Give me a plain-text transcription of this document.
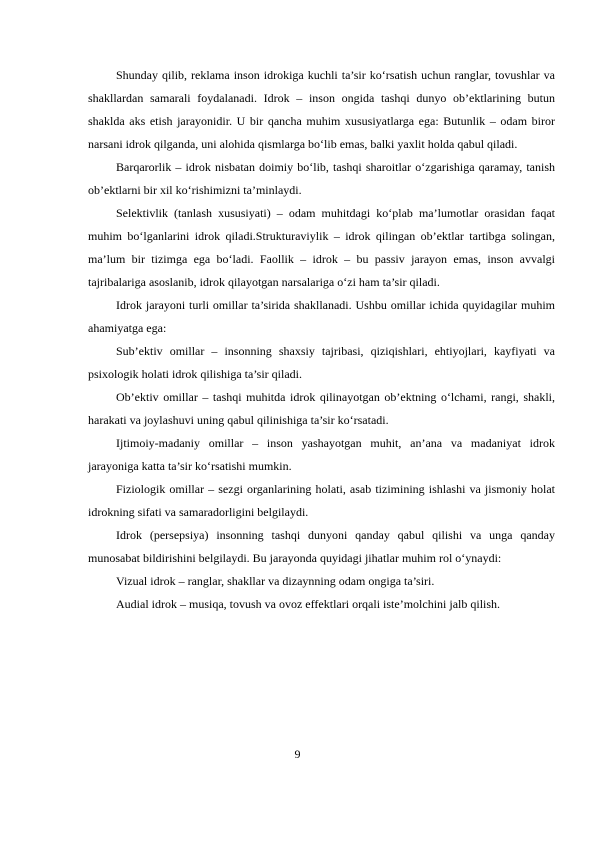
Shunday qilib, reklama inson idrokiga kuchli ta’sir ko‘rsatish uchun ranglar, tovushlar va shakllardan samarali foydalanadi. Idrok – inson ongida tashqi dunyo ob’ektlarining butun shaklda aks etish jarayonidir. U bir qancha muhim xususiyatlarga ega: Butunlik – odam biror narsani idrok qilganda, uni alohida qismlarga bo‘lib emas, balki yaxlit holda qabul qiladi.

Barqarorlik – idrok nisbatan doimiy bo‘lib, tashqi sharoitlar o‘zgarishiga qaramay, tanish ob’ektlarni bir xil ko‘rishimizni ta’minlaydi.

Selektivlik (tanlash xususiyati) – odam muhitdagi ko‘plab ma’lumotlar orasidan faqat muhim bo‘lganlarini idrok qiladi.Strukturaviylik – idrok qilingan ob’ektlar tartibga solingan, ma’lum bir tizimga ega bo‘ladi. Faollik – idrok – bu passiv jarayon emas, inson avvalgi tajribalariga asoslanib, idrok qilayotgan narsalariga o‘zi ham ta’sir qiladi.

Idrok jarayoni turli omillar ta’sirida shakllanadi. Ushbu omillar ichida quyidagilar muhim ahamiyatga ega:

Sub’ektiv omillar – insonning shaxsiy tajribasi, qiziqishlari, ehtiyojlari, kayfiyati va psixologik holati idrok qilishiga ta’sir qiladi.

Ob’ektiv omillar – tashqi muhitda idrok qilinayotgan ob’ektning o‘lchami, rangi, shakli, harakati va joylashuvi uning qabul qilinishiga ta’sir ko‘rsatadi.

Ijtimoiy-madaniy omillar – inson yashayotgan muhit, an’ana va madaniyat idrok jarayoniga katta ta’sir ko‘rsatishi mumkin.

Fiziologik omillar – sezgi organlarining holati, asab tizimining ishlashi va jismoniy holat idrokning sifati va samaradorligini belgilaydi.

Idrok (persepsiya) insonning tashqi dunyoni qanday qabul qilishi va unga qanday munosabat bildirishini belgilaydi. Bu jarayonda quyidagi jihatlar muhim rol o‘ynaydi:

Vizual idrok – ranglar, shakllar va dizaynning odam ongiga ta’siri.

Audial idrok – musiqa, tovush va ovoz effektlari orqali iste’molchini jalb qilish.

9
